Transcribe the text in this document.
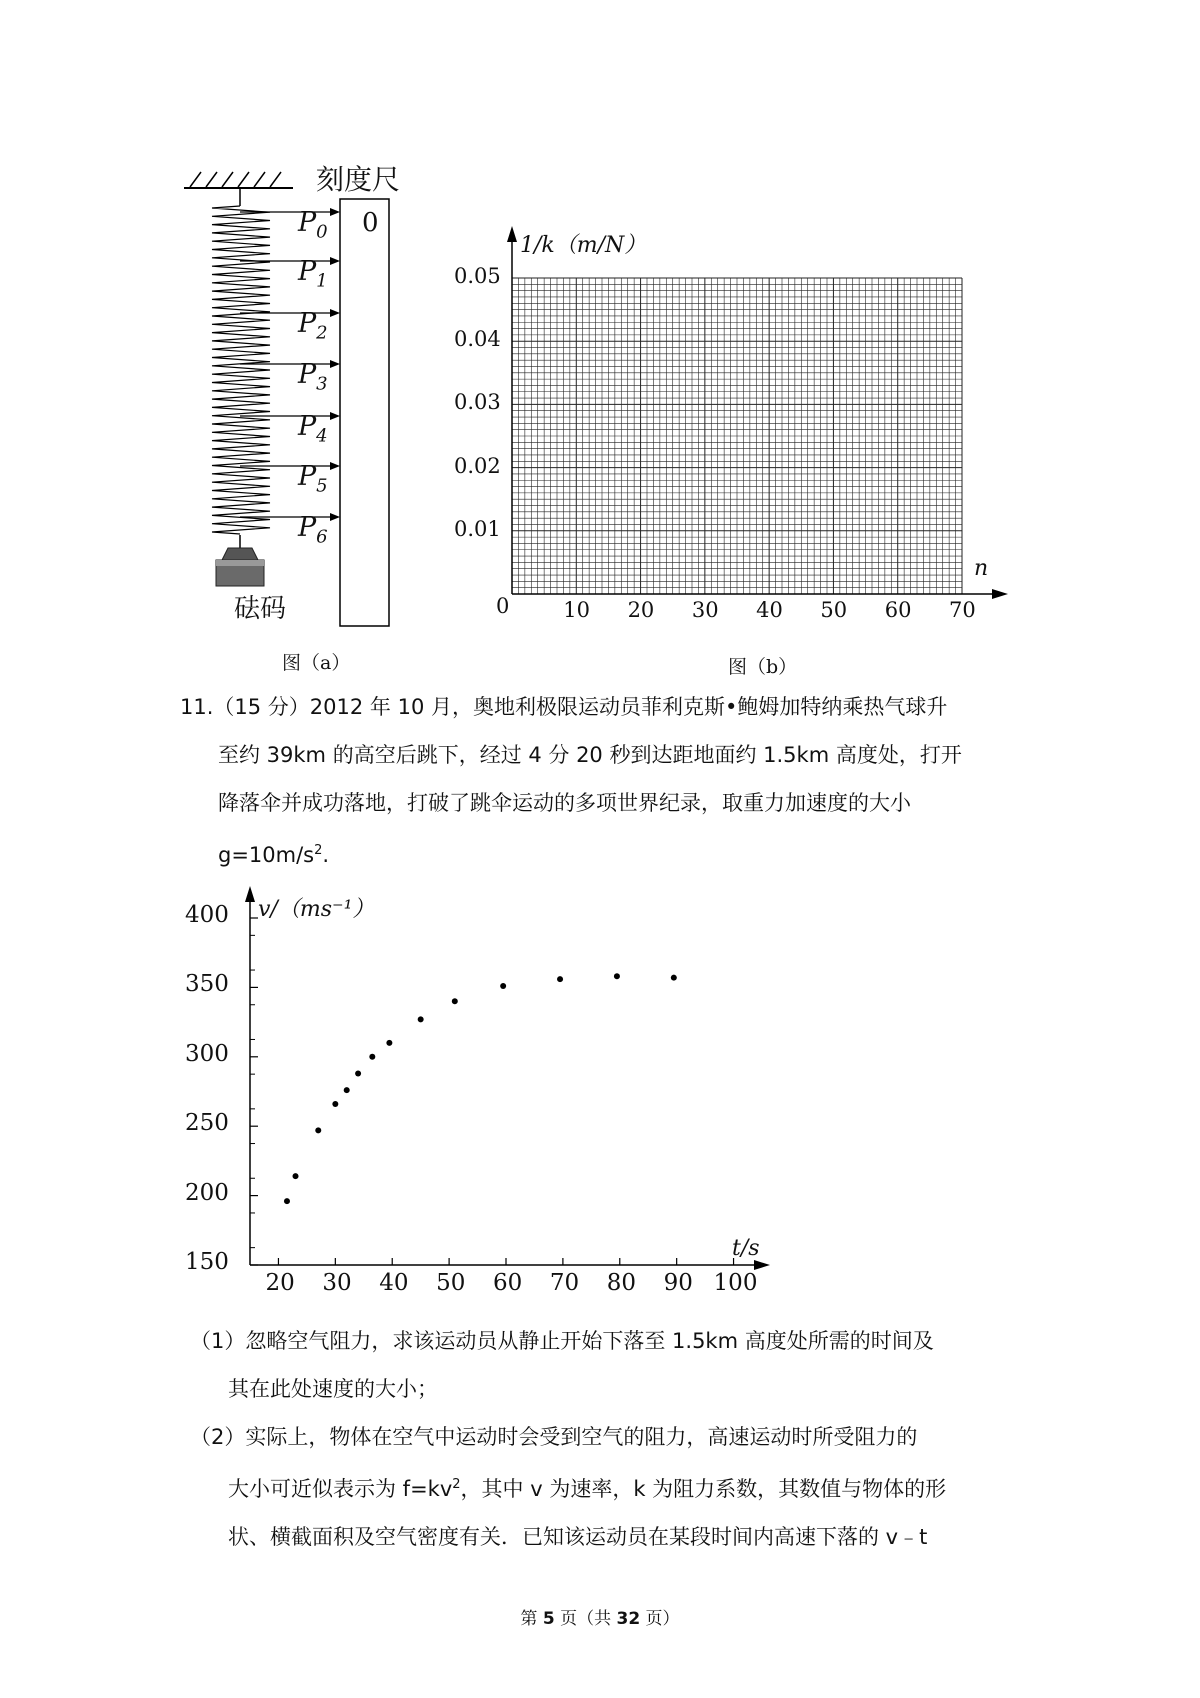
刻度尺
0
砝码
图（a）
$P_0$
$P_1$
$P_2$
$P_3$
$P_4$
$P_5$
$P_6$
1/k（m/N）
n
0
0.01
0.02
0.03
0.04
0.05
10 20 30 40 50 60 70
图（b）
11.（15 分）2012 年 10 月，奥地利极限运动员菲利克斯•鲍姆加特纳乘热气球升
至约 39km 的高空后跳下，经过 4 分 20 秒到达距地面约 1.5km 高度处，打开
降落伞并成功落地，打破了跳伞运动的多项世界纪录，取重力加速度的大小
$g=10m/s^2$.
v/（ms⁻¹）
t/s
150
200
250
300
350
400
20 30 40 50 60 70 80 90 100
（1）忽略空气阻力，求该运动员从静止开始下落至 1.5km 高度处所需的时间及
其在此处速度的大小；
（2）实际上，物体在空气中运动时会受到空气的阻力，高速运动时所受阻力的
大小可近似表示为 $f=kv^2$，其中 v 为速率，k 为阻力系数，其数值与物体的形
状、横截面积及空气密度有关．已知该运动员在某段时间内高速下落的 v﹣t
第 5 页（共 32 页）
